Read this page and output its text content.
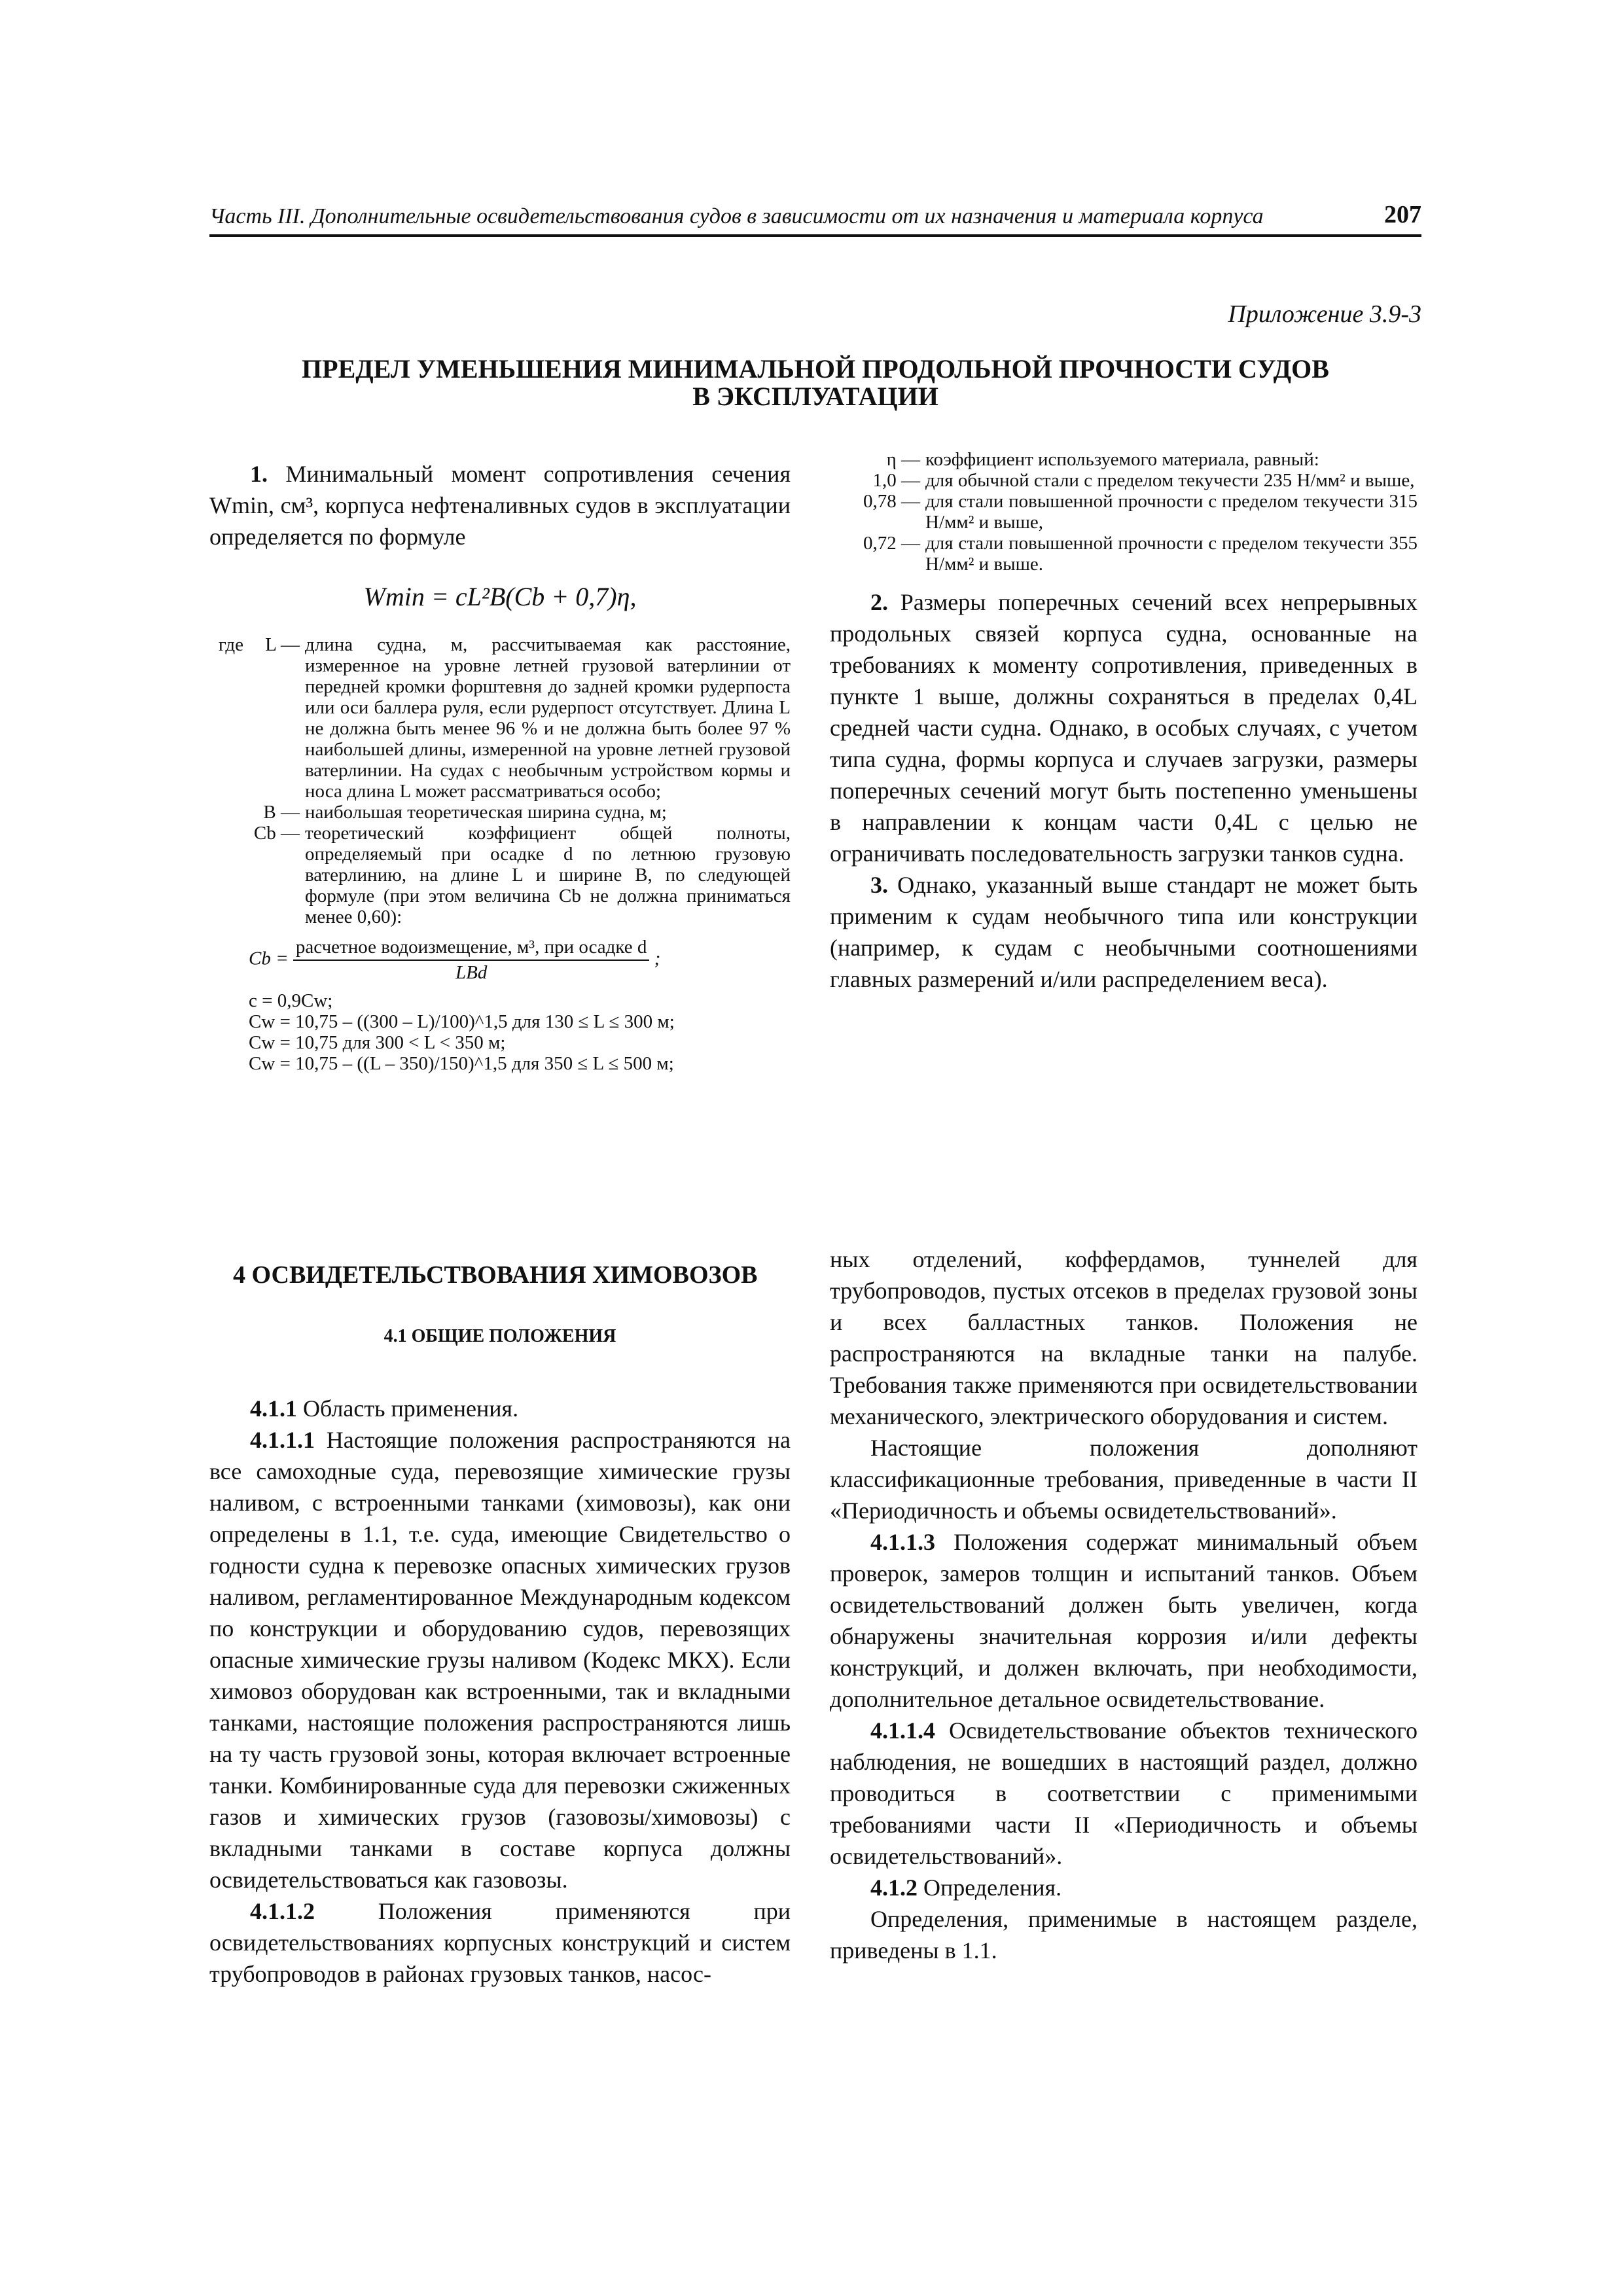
Часть III. Дополнительные освидетельствования судов в зависимости от их назначения и материала корпуса	207
Приложение 3.9-3
ПРЕДЕЛ УМЕНЬШЕНИЯ МИНИМАЛЬНОЙ ПРОДОЛЬНОЙ ПРОЧНОСТИ СУДОВ
В ЭКСПЛУАТАЦИИ

1. Минимальный момент сопротивления сечения Wmin, см³, корпуса нефтеналивных судов в эксплуатации определяется по формуле

Wmin = cL²B(Cb + 0,7)η,
где	L — длина судна, м, рассчитываемая как расстояние, измеренное на уровне летней грузовой ватерлинии от передней кромки форштевня до задней кромки рудерпоста или оси баллера руля, если рудерпост отсутствует. Длина L не должна быть менее 96 % и не должна быть более 97 % наибольшей длины, измеренной на уровне летней грузовой ватерлинии. На судах с необычным устройством кормы и носа длина L может рассматриваться особо;
B — наибольшая теоретическая ширина судна, м;
Cb — теоретический коэффициент общей полноты, определяемый при осадке d по летнюю грузовую ватерлинию, на длине L и ширине B, по следующей формуле (при этом величина Cb не должна приниматься менее 0,60):
$Cb = \frac{\text{расчетное водоизмещение, м³, при осадке d}}{\text{LBd}}$ ;
c = 0,9Cw;
Cw = 10,75 – ((300 – L)/100)^1,5 для 130 ≤ L ≤ 300 м;
Cw = 10,75 для 300 < L < 350 м;
Cw = 10,75 – ((L – 350)/150)^1,5 для 350 ≤ L ≤ 500 м;
η — коэффициент используемого материала, равный:
1,0 — для обычной стали с пределом текучести 235 Н/мм² и выше,
0,78 — для стали повышенной прочности с пределом текучести 315 Н/мм² и выше,
0,72 — для стали повышенной прочности с пределом текучести 355 Н/мм² и выше.

2. Размеры поперечных сечений всех непрерывных продольных связей корпуса судна, основанные на требованиях к моменту сопротивления, приведенных в пункте 1 выше, должны сохраняться в пределах 0,4L средней части судна. Однако, в особых случаях, с учетом типа судна, формы корпуса и случаев загрузки, размеры поперечных сечений могут быть постепенно уменьшены в направлении к концам части 0,4L с целью не ограничивать последовательность загрузки танков судна.

3. Однако, указанный выше стандарт не может быть применим к судам необычного типа или конструкции (например, к судам с необычными соотношениями главных размерений и/или распределением веса).

4 ОСВИДЕТЕЛЬСТВОВАНИЯ ХИМОВОЗОВ
4.1 ОБЩИЕ ПОЛОЖЕНИЯ

4.1.1 Область применения.

4.1.1.1 Настоящие положения распространяются на все самоходные суда, перевозящие химические грузы наливом, с встроенными танками (химовозы), как они определены в 1.1, т.е. суда, имеющие Свидетельство о годности судна к перевозке опасных химических грузов наливом, регламентированное Международным кодексом по конструкции и оборудованию судов, перевозящих опасные химические грузы наливом (Кодекс МКХ). Если химовоз оборудован как встроенными, так и вкладными танками, настоящие положения распространяются лишь на ту часть грузовой зоны, которая включает встроенные танки. Комбинированные суда для перевозки сжиженных газов и химических грузов (газовозы/химовозы) с вкладными танками в составе корпуса должны освидетельствоваться как газовозы.

4.1.1.2	Положения применяются при освидетельствованиях корпусных конструкций и систем трубопроводов в районах грузовых танков, насос-

ных отделений, коффердамов, туннелей для трубопроводов, пустых отсеков в пределах грузовой зоны и всех балластных танков. Положения не распространяются на вкладные танки на палубе. Требования также применяются при освидетельствовании механического, электрического оборудования и систем.

Настоящие положения дополняют классификационные требования, приведенные в части II «Периодичность и объемы освидетельствований».

4.1.1.3 Положения содержат минимальный объем проверок, замеров толщин и испытаний танков. Объем освидетельствований должен быть увеличен, когда обнаружены значительная коррозия и/или дефекты конструкций, и должен включать, при необходимости, дополнительное детальное освидетельствование.

4.1.1.4 Освидетельствование объектов технического наблюдения, не вошедших в настоящий раздел, должно проводиться в соответствии с применимыми требованиями части II «Периодичность и объемы освидетельствований».

4.1.2 Определения.

Определения, применимые в настоящем разделе, приведены в 1.1.
